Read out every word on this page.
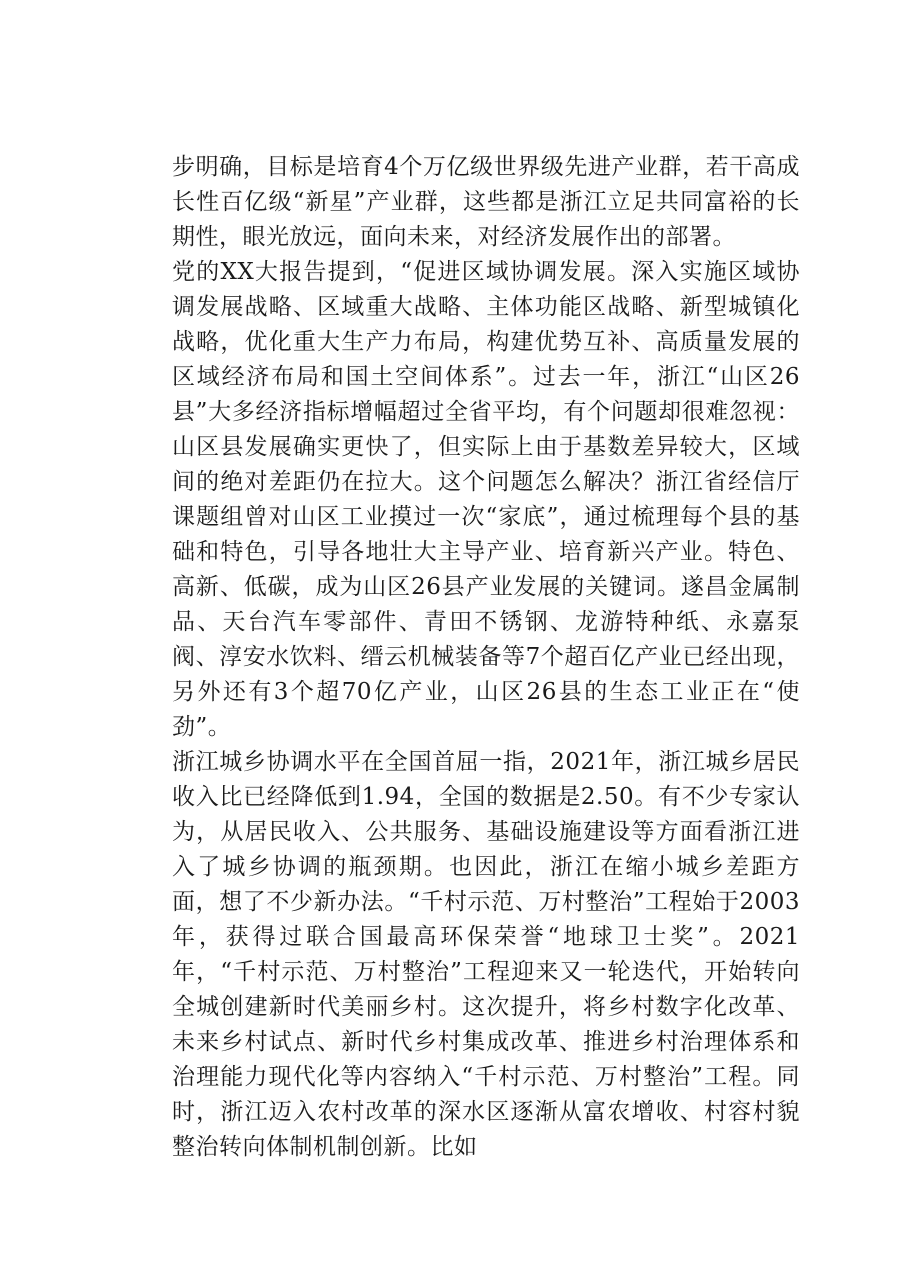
步明确，目标是培育4个万亿级世界级先进产业群，若干高成长性百亿级“新星”产业群，这些都是浙江立足共同富裕的长期性，眼光放远，面向未来，对经济发展作出的部署。

党的XX大报告提到，“促进区域协调发展。深入实施区域协调发展战略、区域重大战略、主体功能区战略、新型城镇化战略，优化重大生产力布局，构建优势互补、高质量发展的区域经济布局和国土空间体系”。过去一年，浙江“山区26县”大多经济指标增幅超过全省平均，有个问题却很难忽视：山区县发展确实更快了，但实际上由于基数差异较大，区域间的绝对差距仍在拉大。这个问题怎么解决？浙江省经信厅课题组曾对山区工业摸过一次“家底”，通过梳理每个县的基础和特色，引导各地壮大主导产业、培育新兴产业。特色、高新、低碳，成为山区26县产业发展的关键词。遂昌金属制品、天台汽车零部件、青田不锈钢、龙游特种纸、永嘉泵阀、淳安水饮料、缙云机械装备等7个超百亿产业已经出现，另外还有3个超70亿产业，山区26县的生态工业正在“使劲”。

浙江城乡协调水平在全国首屈一指，2021年，浙江城乡居民收入比已经降低到1.94，全国的数据是2.50。有不少专家认为，从居民收入、公共服务、基础设施建设等方面看浙江进入了城乡协调的瓶颈期。也因此，浙江在缩小城乡差距方面，想了不少新办法。“千村示范、万村整治”工程始于2003年，获得过联合国最高环保荣誉“地球卫士奖”。2021年，“千村示范、万村整治”工程迎来又一轮迭代，开始转向全城创建新时代美丽乡村。这次提升，将乡村数字化改革、未来乡村试点、新时代乡村集成改革、推进乡村治理体系和治理能力现代化等内容纳入“千村示范、万村整治”工程。同时，浙江迈入农村改革的深水区逐渐从富农增收、村容村貌整治转向体制机制创新。比如
